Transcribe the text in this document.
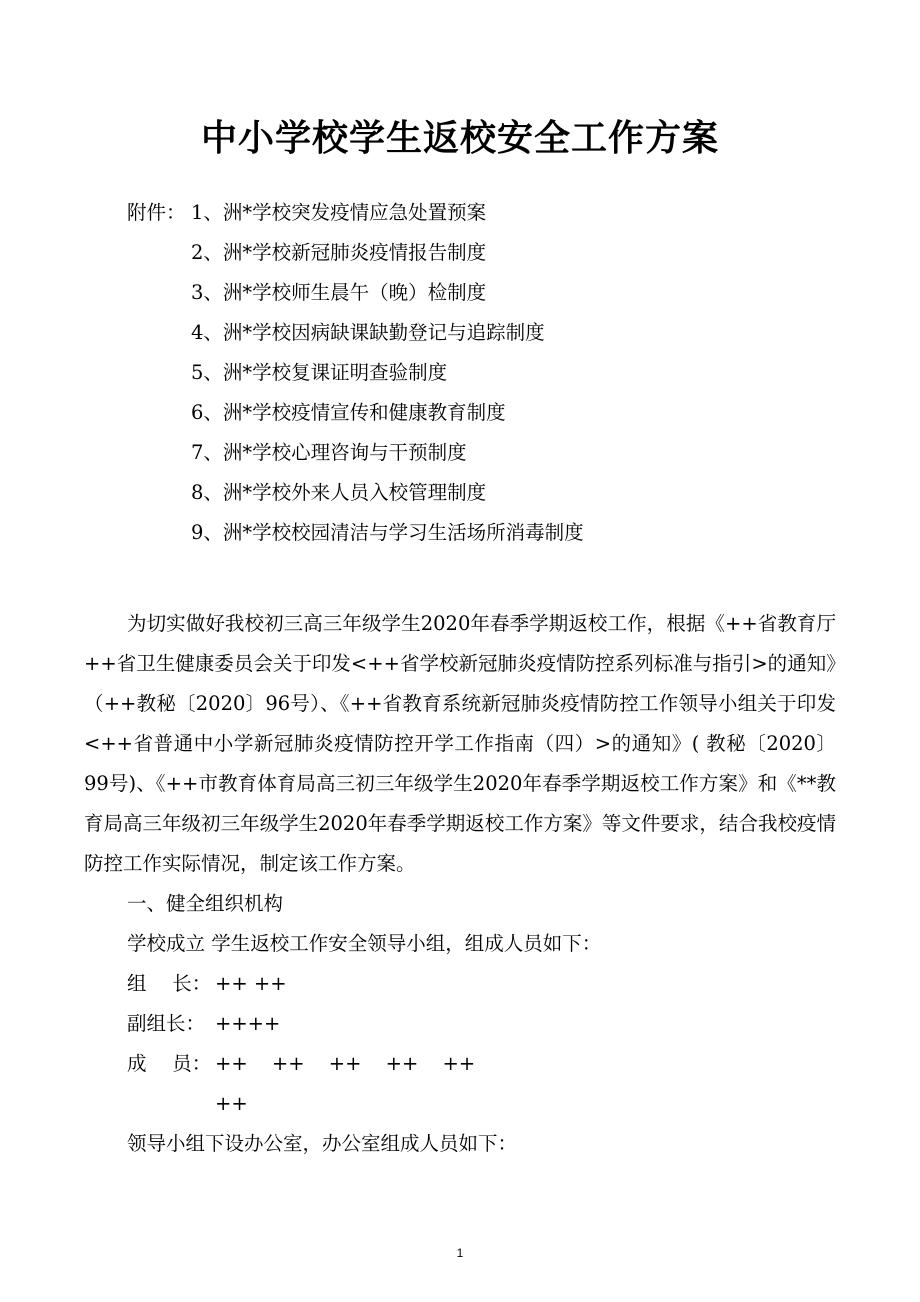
中小学校学生返校安全工作方案
附件： 1、洲*学校突发疫情应急处置预案
2、洲*学校新冠肺炎疫情报告制度
3、洲*学校师生晨午（晚）检制度
4、洲*学校因病缺课缺勤登记与追踪制度
5、洲*学校复课证明查验制度
6、洲*学校疫情宣传和健康教育制度
7、洲*学校心理咨询与干预制度
8、洲*学校外来人员入校管理制度
9、洲*学校校园清洁与学习生活场所消毒制度

为切实做好我校初三高三年级学生2020年春季学期返校工作，根据《++省教育厅 ++省卫生健康委员会关于印发<++省学校新冠肺炎疫情防控系列标准与指引>的通知》（++教秘〔2020〕96号）、《++省教育系统新冠肺炎疫情防控工作领导小组关于印发<++省普通中小学新冠肺炎疫情防控开学工作指南（四）>的通知》( 教秘〔2020〕99号)、《++市教育体育局高三初三年级学生2020年春季学期返校工作方案》和《**教育局高三年级初三年级学生2020年春季学期返校工作方案》等文件要求，结合我校疫情防控工作实际情况，制定该工作方案。

一、健全组织机构

学校成立 学生返校工作安全领导小组，组成人员如下：

组　 长： ++ ++

副组长： ++++

成　 员： ++ ++ ++ ++ ++

++

领导小组下设办公室，办公室组成人员如下：

1
